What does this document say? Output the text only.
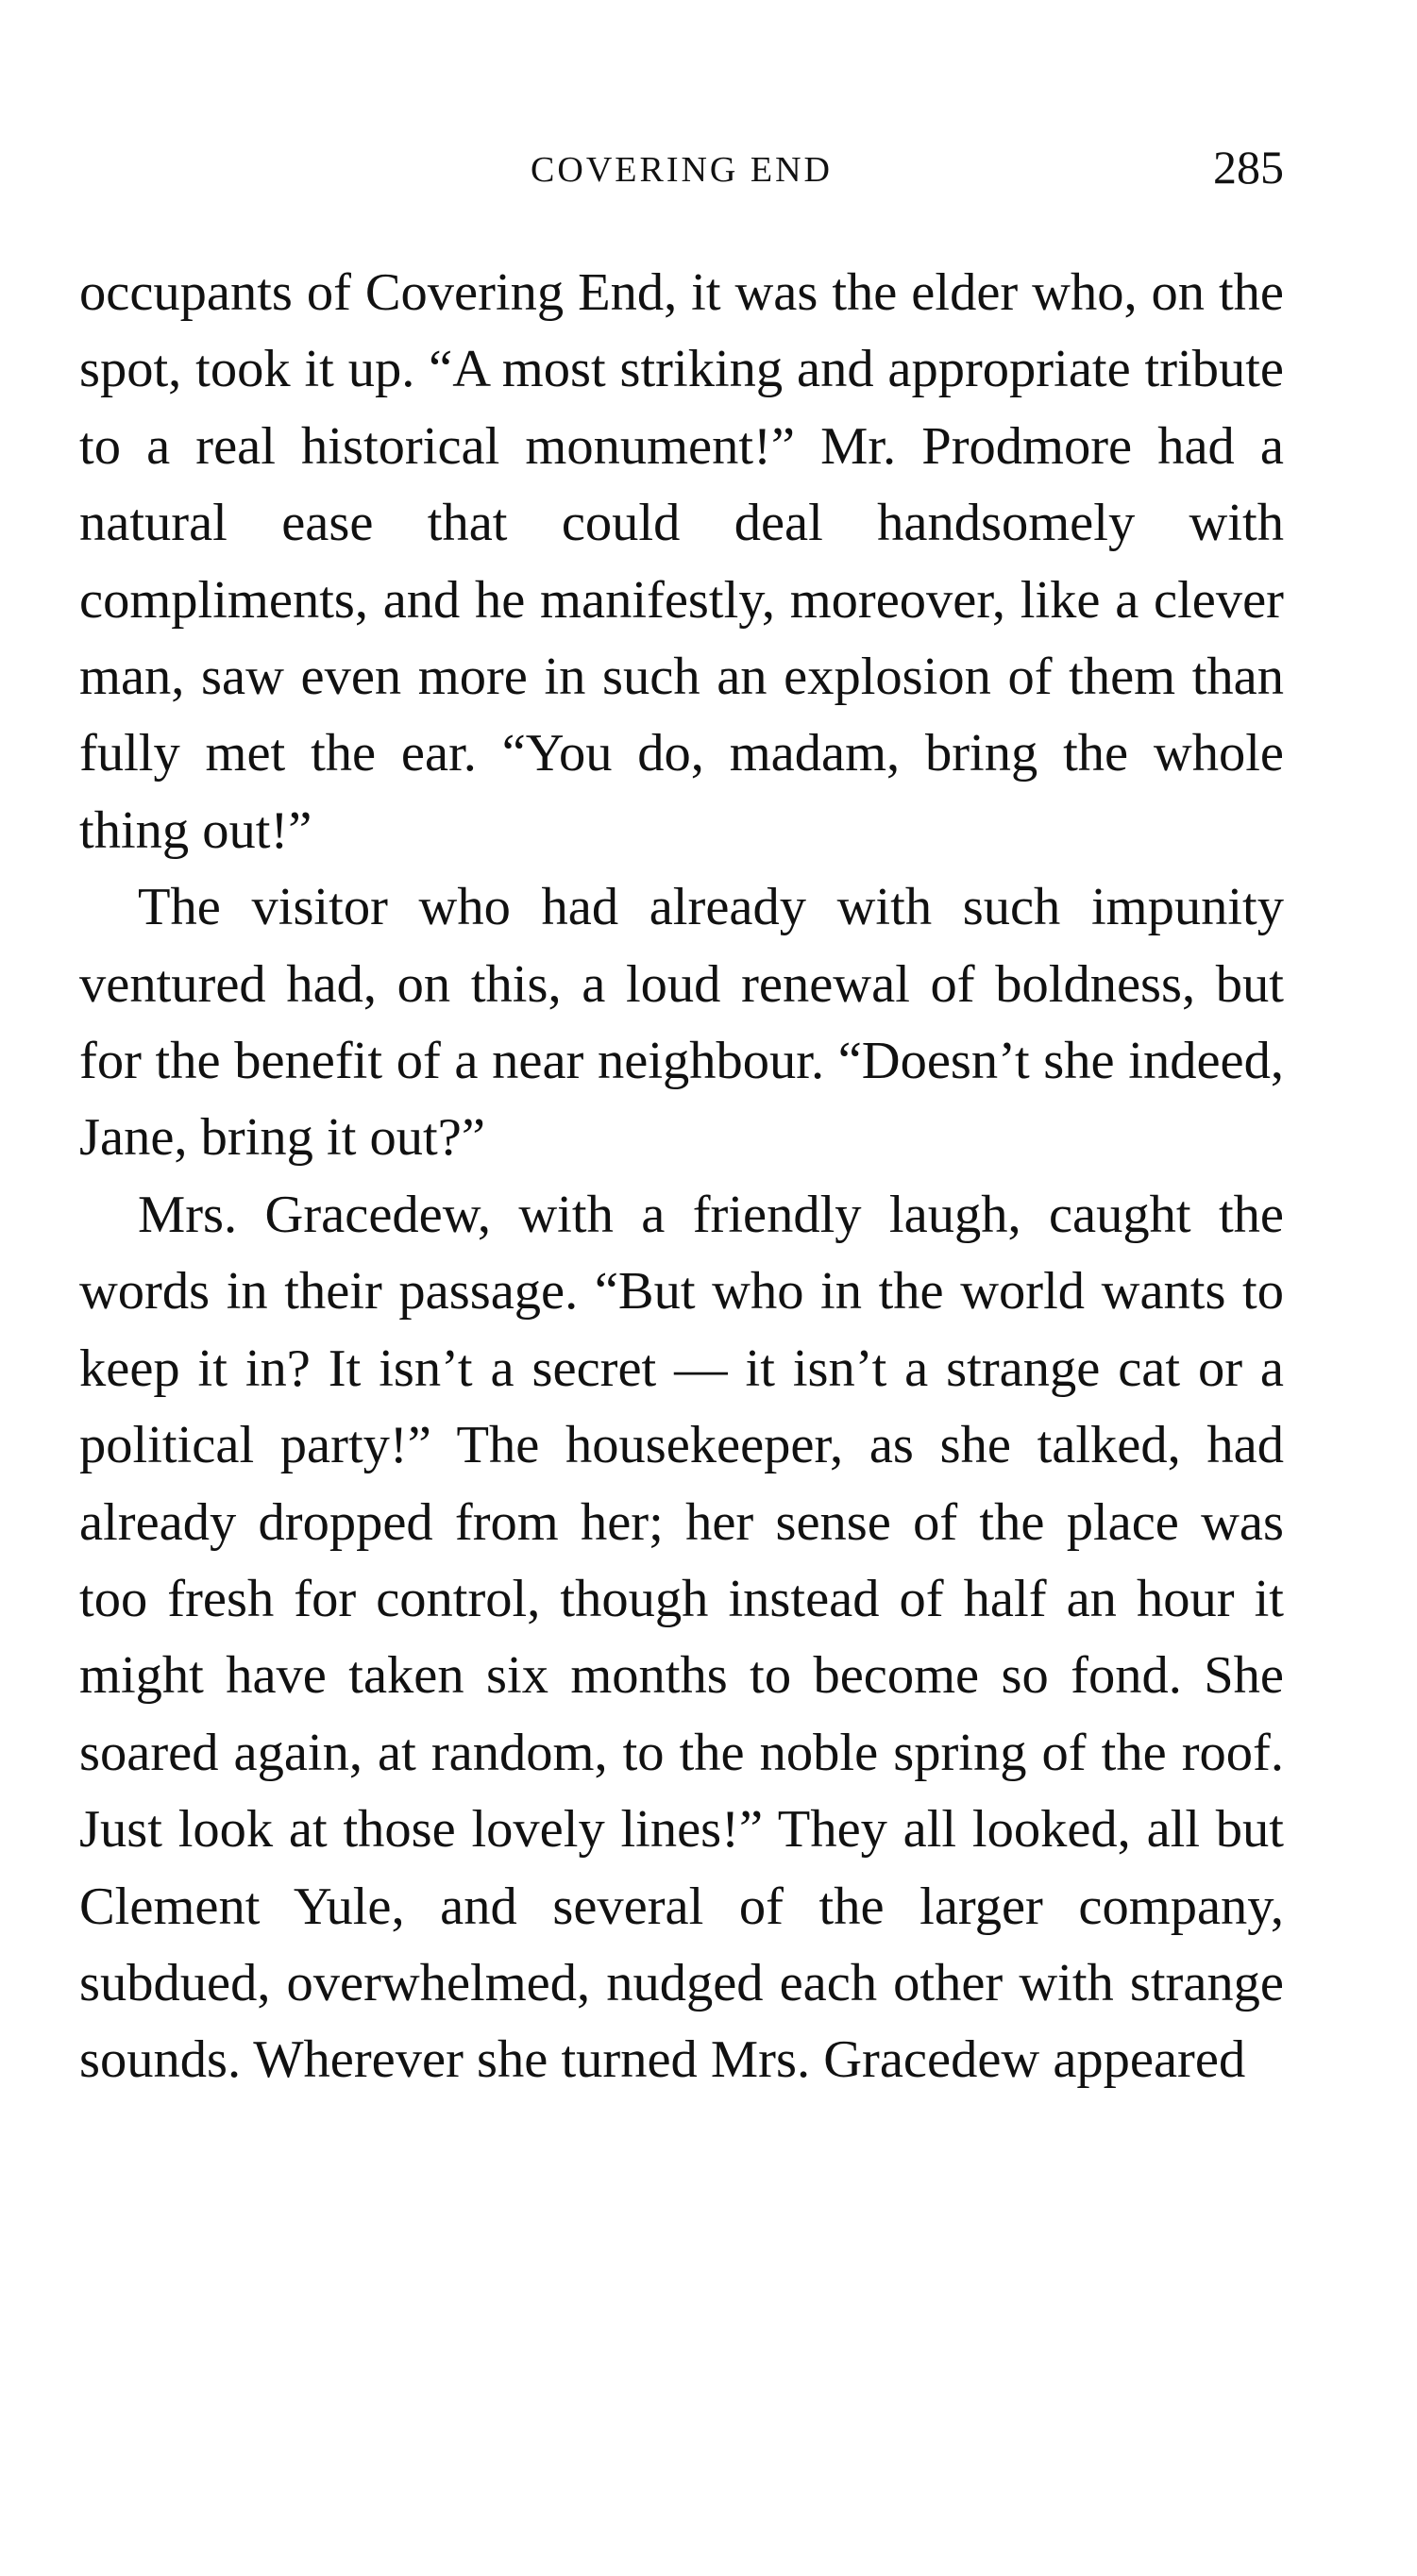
COVERING END	285

occupants of Covering End, it was the elder who, on the spot, took it up. “A most striking and appropriate tribute to a real historical monument!” Mr. Prodmore had a natural ease that could deal handsomely with compliments, and he manifestly, moreover, like a clever man, saw even more in such an explosion of them than fully met the ear. “You do, madam, bring the whole thing out!”

The visitor who had already with such impunity ventured had, on this, a loud renewal of boldness, but for the benefit of a near neighbour. “Doesn’t she indeed, Jane, bring it out?”

Mrs. Gracedew, with a friendly laugh, caught the words in their passage. “But who in the world wants to keep it in? It isn’t a secret — it isn’t a strange cat or a political party!” The housekeeper, as she talked, had already dropped from her; her sense of the place was too fresh for control, though instead of half an hour it might have taken six months to become so fond. She soared again, at random, to the noble spring of the roof. Just look at those lovely lines!” They all looked, all but Clement Yule, and several of the larger company, subdued, overwhelmed, nudged each other with strange sounds. Wherever she turned Mrs. Gracedew appeared
